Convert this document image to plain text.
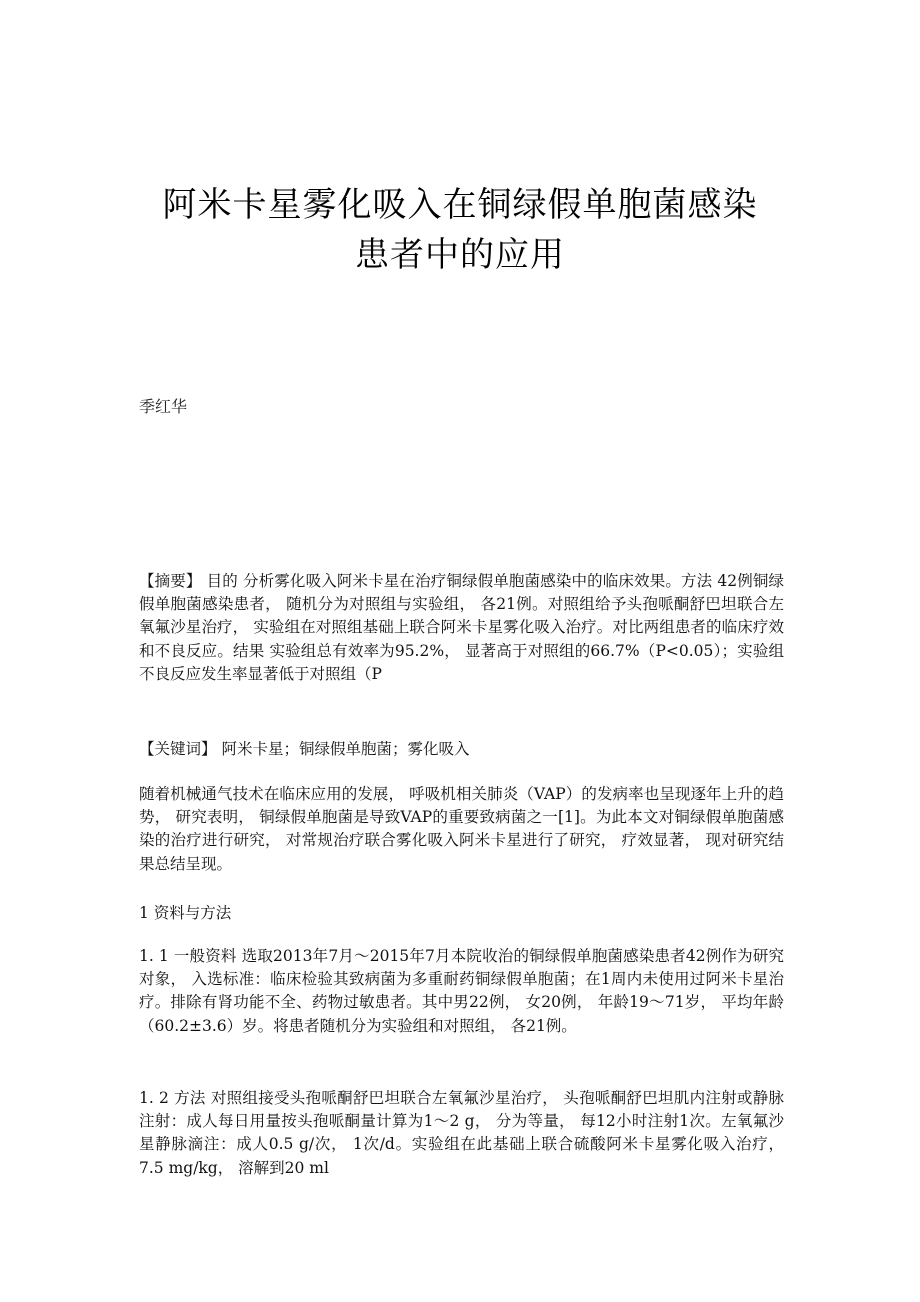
阿米卡星雾化吸入在铜绿假单胞菌感染
患者中的应用
季红华

【摘要】 目的 分析雾化吸入阿米卡星在治疗铜绿假单胞菌感染中的临床效果。方法 42例铜绿假单胞菌感染患者， 随机分为对照组与实验组， 各21例。对照组给予头孢哌酮舒巴坦联合左氧氟沙星治疗， 实验组在对照组基础上联合阿米卡星雾化吸入治疗。对比两组患者的临床疗效和不良反应。结果 实验组总有效率为95.2%， 显著高于对照组的66.7%（P<0.05）；实验组不良反应发生率显著低于对照组（P

【关键词】 阿米卡星；铜绿假单胞菌；雾化吸入

随着机械通气技术在临床应用的发展， 呼吸机相关肺炎（VAP）的发病率也呈现逐年上升的趋势， 研究表明， 铜绿假单胞菌是导致VAP的重要致病菌之一[1]。为此本文对铜绿假单胞菌感染的治疗进行研究， 对常规治疗联合雾化吸入阿米卡星进行了研究， 疗效显著， 现对研究结果总结呈现。

1 资料与方法

1. 1 一般资料 选取2013年7月～2015年7月本院收治的铜绿假单胞菌感染患者42例作为研究对象， 入选标准：临床检验其致病菌为多重耐药铜绿假单胞菌；在1周内未使用过阿米卡星治疗。排除有肾功能不全、药物过敏患者。其中男22例， 女20例， 年龄19～71岁， 平均年龄（60.2±3.6）岁。将患者随机分为实验组和对照组， 各21例。

1. 2 方法 对照组接受头孢哌酮舒巴坦联合左氧氟沙星治疗， 头孢哌酮舒巴坦肌内注射或静脉注射：成人每日用量按头孢哌酮量计算为1～2 g， 分为等量， 每12小时注射1次。左氧氟沙星静脉滴注：成人0.5 g/次， 1次/d。实验组在此基础上联合硫酸阿米卡星雾化吸入治疗， 7.5 mg/kg， 溶解到20 ml
